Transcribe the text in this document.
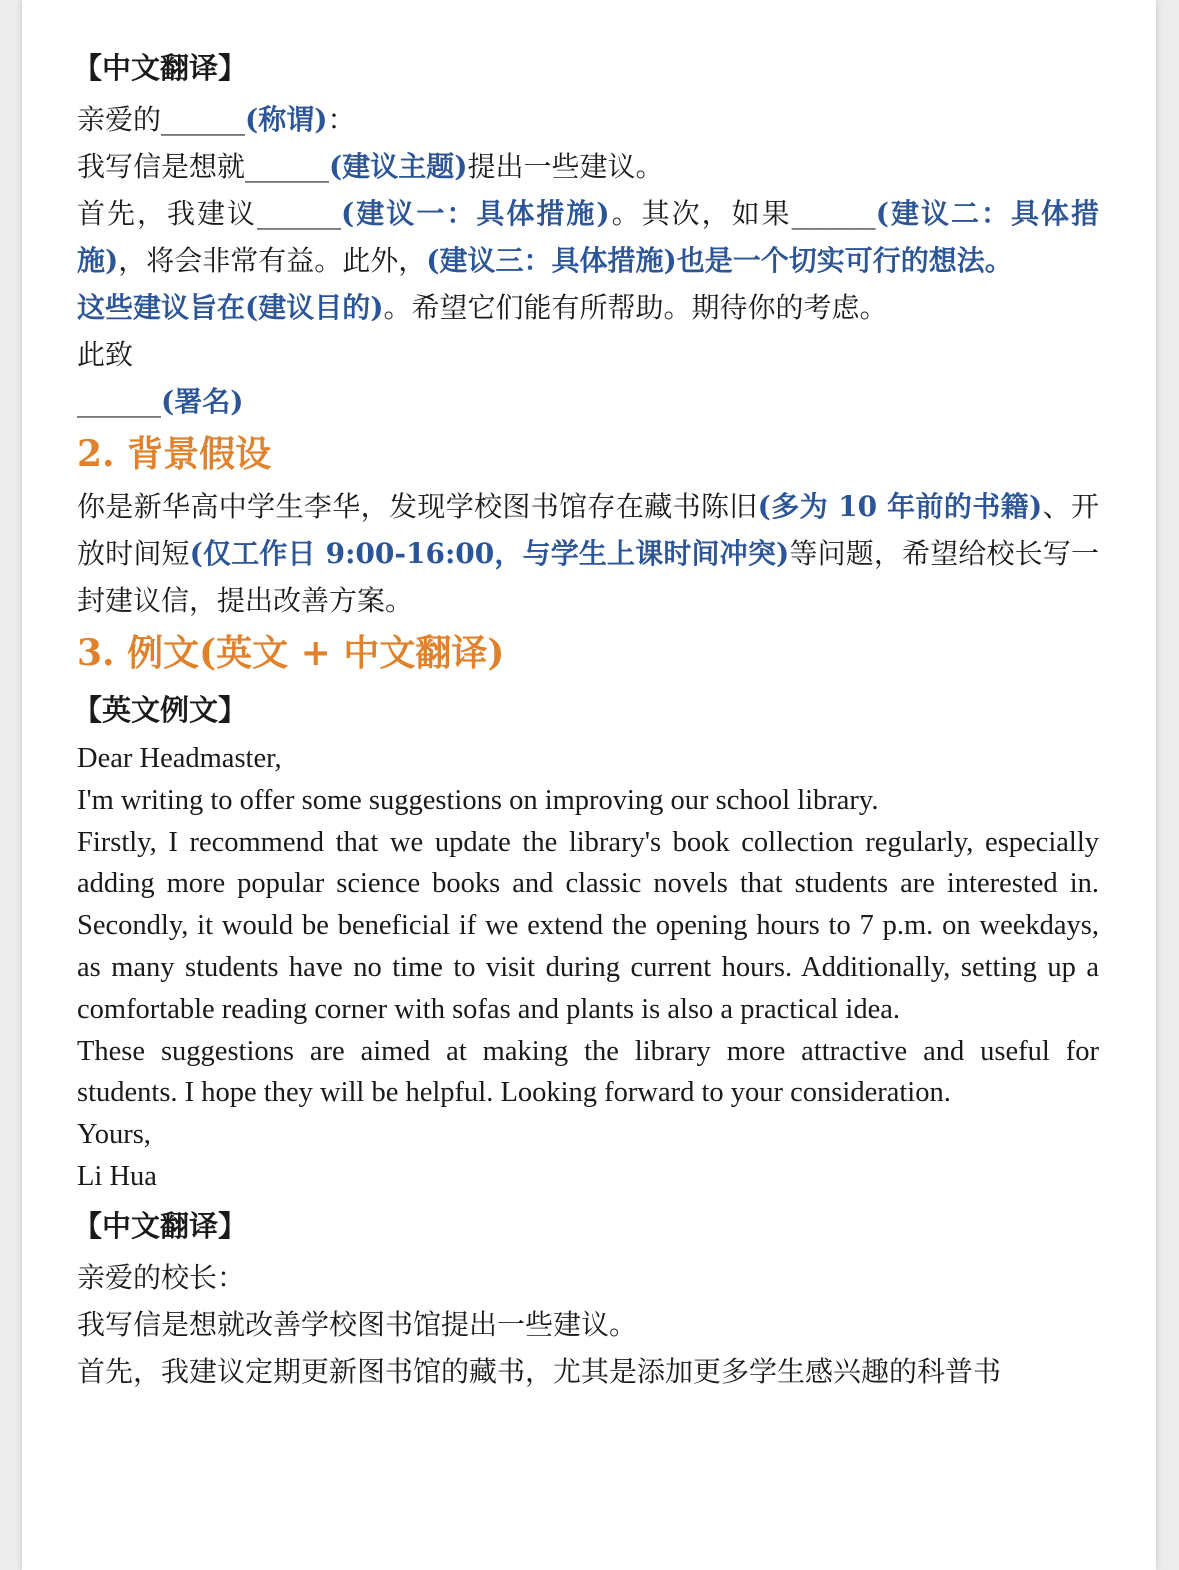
【中文翻译】

亲爱的______(称谓)：

我写信是想就______(建议主题)提出一些建议。

首先，我建议______(建议一：具体措施)。其次，如果______(建议二：具体措施)，将会非常有益。此外，(建议三：具体措施)也是一个切实可行的想法。

这些建议旨在(建议目的)。希望它们能有所帮助。期待你的考虑。

此致

______(署名)

2. 背景假设

你是新华高中学生李华，发现学校图书馆存在藏书陈旧(多为 10 年前的书籍)、开放时间短(仅工作日 9:00-16:00，与学生上课时间冲突)等问题，希望给校长写一封建议信，提出改善方案。

3. 例文(英文 + 中文翻译)
【英文例文】

Dear Headmaster,

I'm writing to offer some suggestions on improving our school library.

Firstly, I recommend that we update the library's book collection regularly, especially adding more popular science books and classic novels that students are interested in. Secondly, it would be beneficial if we extend the opening hours to 7 p.m. on weekdays, as many students have no time to visit during current hours. Additionally, setting up a comfortable reading corner with sofas and plants is also a practical idea.

These suggestions are aimed at making the library more attractive and useful for students. I hope they will be helpful. Looking forward to your consideration.

Yours,

Li Hua

【中文翻译】

亲爱的校长：

我写信是想就改善学校图书馆提出一些建议。

首先，我建议定期更新图书馆的藏书，尤其是添加更多学生感兴趣的科普书
